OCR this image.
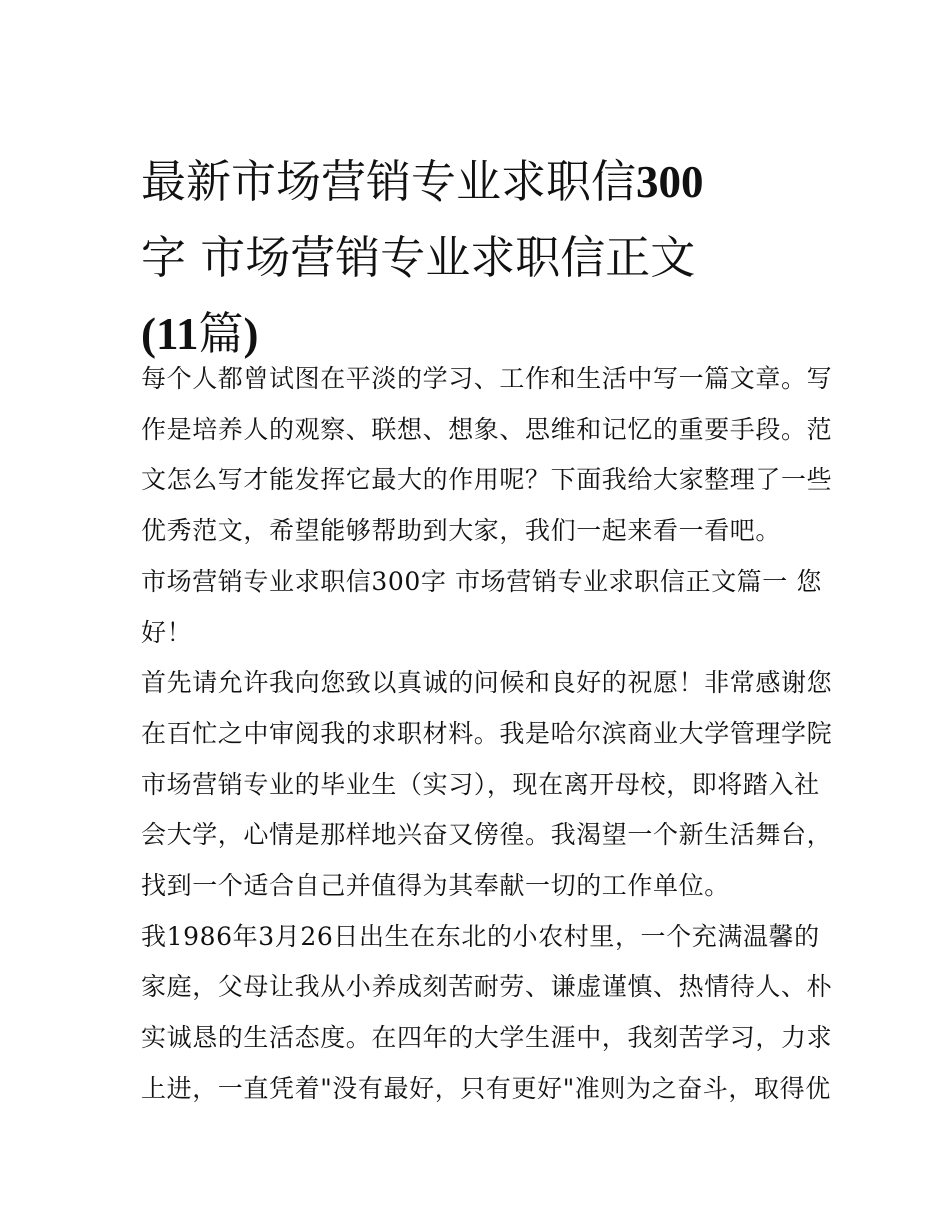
最新市场营销专业求职信300
字 市场营销专业求职信正文
(11篇)

每个人都曾试图在平淡的学习、工作和生活中写一篇文章。写
作是培养人的观察、联想、想象、思维和记忆的重要手段。范
文怎么写才能发挥它最大的作用呢？下面我给大家整理了一些
优秀范文，希望能够帮助到大家，我们一起来看一看吧。

市场营销专业求职信300字 市场营销专业求职信正文篇一 您
好！

首先请允许我向您致以真诚的问候和良好的祝愿！非常感谢您
在百忙之中审阅我的求职材料。我是哈尔滨商业大学管理学院
市场营销专业的毕业生（实习），现在离开母校，即将踏入社
会大学，心情是那样地兴奋又傍徨。我渴望一个新生活舞台，
找到一个适合自己并值得为其奉献一切的工作单位。

我1986年3月26日出生在东北的小农村里，一个充满温馨的
家庭，父母让我从小养成刻苦耐劳、谦虚谨慎、热情待人、朴
实诚恳的生活态度。在四年的大学生涯中，我刻苦学习，力求
上进，一直凭着"没有最好，只有更好"准则为之奋斗，取得优
